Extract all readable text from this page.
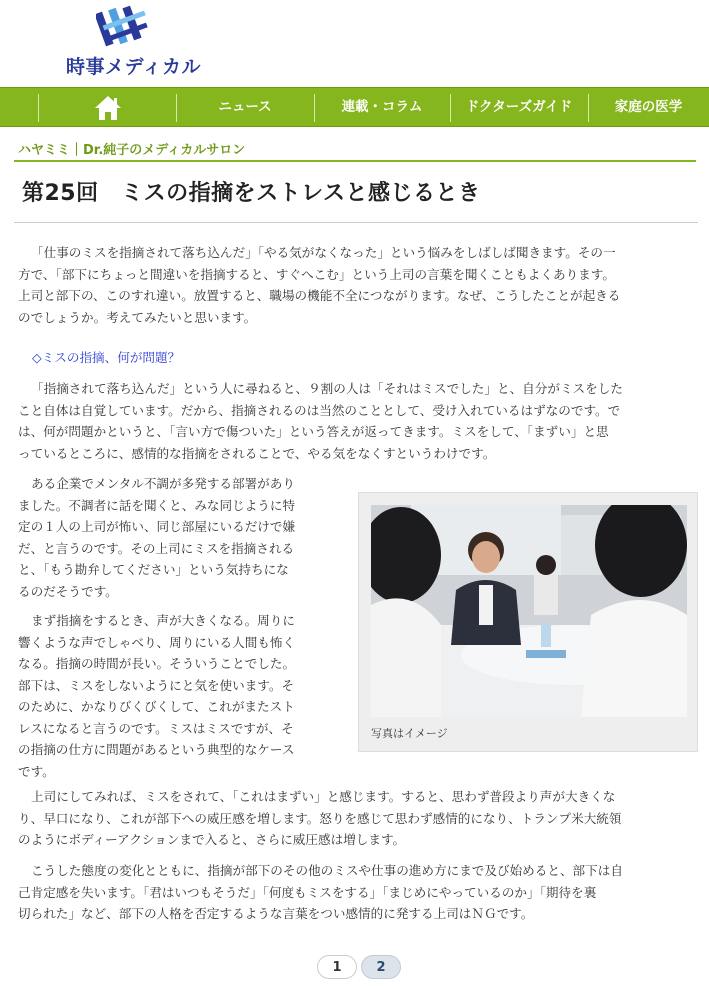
時事メディカル
ニュース	連載・コラム	ドクターズガイド	家庭の医学
ハヤミミ｜Dr.純子のメディカルサロン
第25回　ミスの指摘をストレスと感じるとき
「仕事のミスを指摘されて落ち込んだ」「やる気がなくなった」という悩みをしばしば聞きます。その一
方で、「部下にちょっと間違いを指摘すると、すぐへこむ」という上司の言葉を聞くこともよくあります。
上司と部下の、このすれ違い。放置すると、職場の機能不全につながります。なぜ、こうしたことが起きる
のでしょうか。考えてみたいと思います。
◇ミスの指摘、何が問題？
「指摘されて落ち込んだ」という人に尋ねると、９割の人は「それはミスでした」と、自分がミスをした
こと自体は自覚しています。だから、指摘されるのは当然のこととして、受け入れているはずなのです。で
は、何が問題かというと、「言い方で傷ついた」という答えが返ってきます。ミスをして、「まずい」と思
っているところに、感情的な指摘をされることで、やる気をなくすというわけです。
ある企業でメンタル不調が多発する部署があり
ました。不調者に話を聞くと、みな同じように特
定の１人の上司が怖い、同じ部屋にいるだけで嫌
だ、と言うのです。その上司にミスを指摘される
と、「もう勘弁してください」という気持ちにな
るのだそうです。
まず指摘をするとき、声が大きくなる。周りに
響くような声でしゃべり、周りにいる人間も怖く
なる。指摘の時間が長い。そういうことでした。
部下は、ミスをしないようにと気を使います。そ
のために、かなりびくびくして、これがまたスト
レスになると言うのです。ミスはミスですが、そ
の指摘の仕方に問題があるという典型的なケース
です。
写真はイメージ
上司にしてみれば、ミスをされて、「これはまずい」と感じます。すると、思わず普段より声が大きくな
り、早口になり、これが部下への威圧感を増します。怒りを感じて思わず感情的になり、トランプ米大統領
のようにボディーアクションまで入ると、さらに威圧感は増します。
こうした態度の変化とともに、指摘が部下のその他のミスや仕事の進め方にまで及び始めると、部下は自
己肯定感を失います。「君はいつもそうだ」「何度もミスをする」「まじめにやっているのか」「期待を裏
切られた」など、部下の人格を否定するような言葉をつい感情的に発する上司はＮＧです。
1	2
